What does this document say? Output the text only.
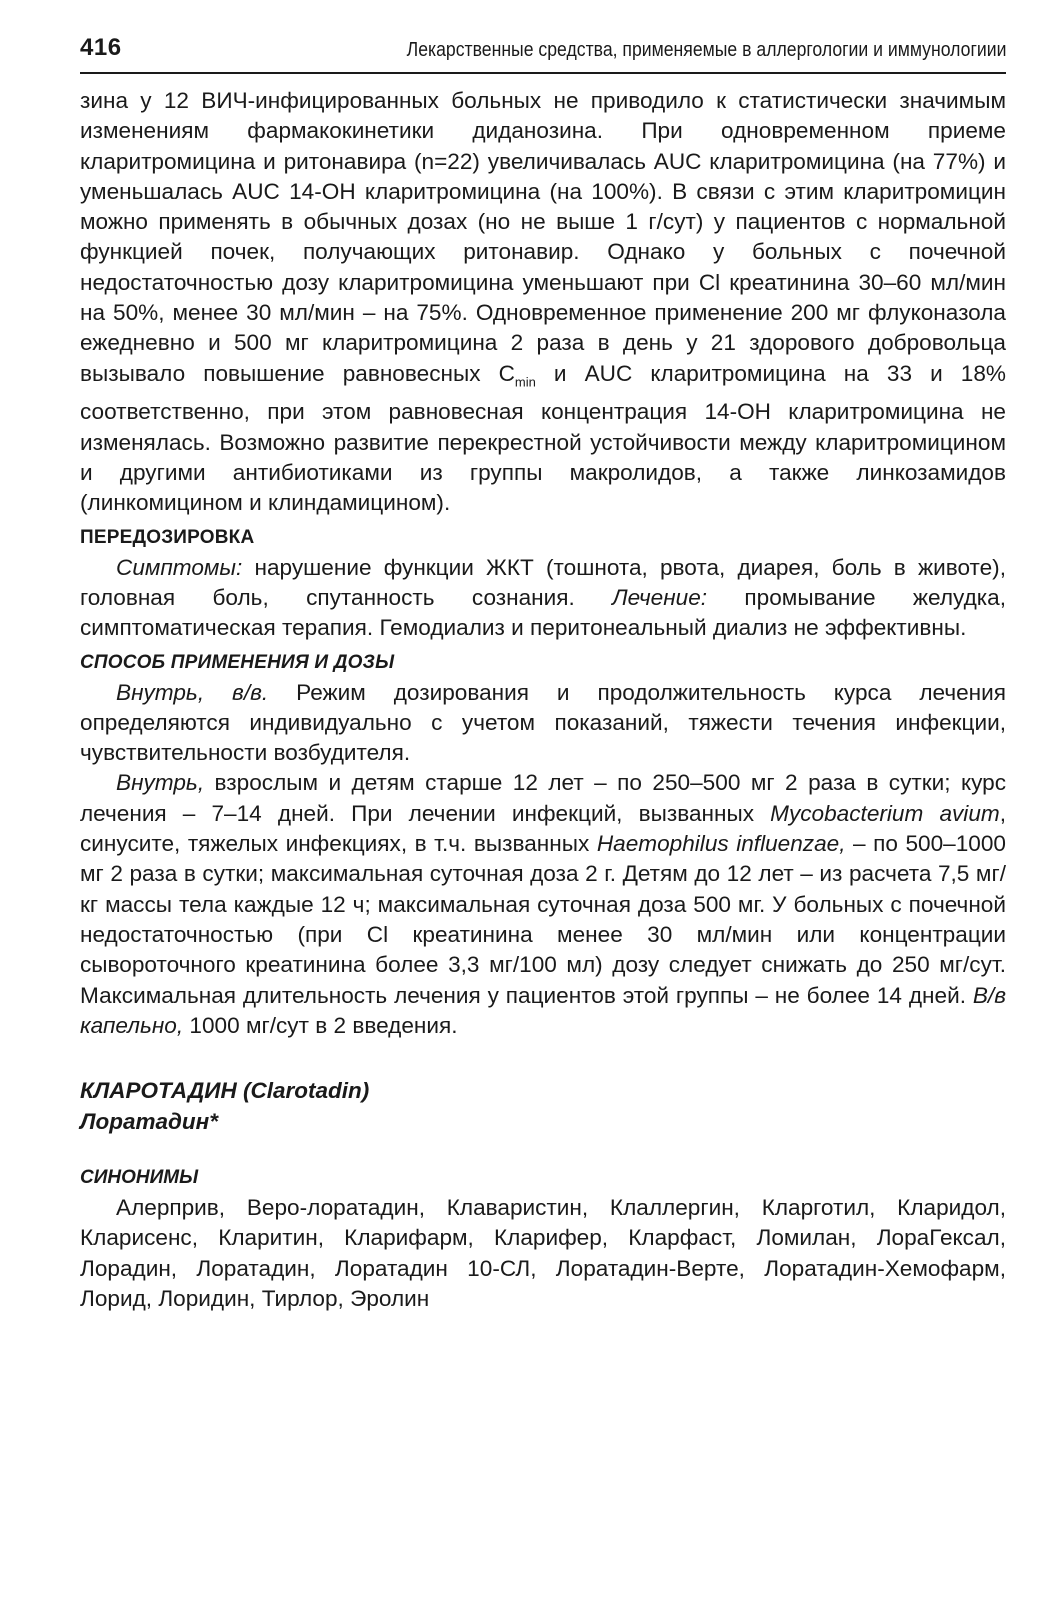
416	Лекарственные средства, применяемые в аллергологии и иммунологиии

зина у 12 ВИЧ-инфицированных больных не приводило к статистически значимым изменениям фармакокинетики диданозина. При одновременном приеме кларитромицина и ритонавира (n=22) увеличивалась AUC кларитромицина (на 77%) и уменьшалась AUC 14-OH кларитромицина (на 100%). В связи с этим кларитромицин можно применять в обычных дозах (но не выше 1 г/сут) у пациентов с нормальной функцией почек, получающих ритонавир. Однако у больных с почечной недостаточностью дозу кларитромицина уменьшают при Cl креатинина 30–60 мл/мин на 50%, менее 30 мл/мин – на 75%. Одновременное применение 200 мг флуконазола ежедневно и 500 мг кларитромицина 2 раза в день у 21 здорового добровольца вызывало повышение равновесных $C_{min}$ и AUC кларитромицина на 33 и 18% соответственно, при этом равновесная концентрация 14-OH кларитромицина не изменялась. Возможно развитие перекрестной устойчивости между кларитромицином и другими антибиотиками из группы макролидов, а также линкозамидов (линкомицином и клиндамицином).

ПЕРЕДОЗИРОВКА

Симптомы: нарушение функции ЖКТ (тошнота, рвота, диарея, боль в животе), головная боль, спутанность сознания. Лечение: промывание желудка, симптоматическая терапия. Гемодиализ и перитонеальный диализ не эффективны.

СПОСОБ ПРИМЕНЕНИЯ И ДОЗЫ

Внутрь, в/в. Режим дозирования и продолжительность курса лечения определяются индивидуально с учетом показаний, тяжести течения инфекции, чувствительности возбудителя.

Внутрь, взрослым и детям старше 12 лет – по 250–500 мг 2 раза в сутки; курс лечения – 7–14 дней. При лечении инфекций, вызванных Mycobacterium avium, синусите, тяжелых инфекциях, в т.ч. вызванных Haemophilus influenzae, – по 500–1000 мг 2 раза в сутки; максимальная суточная доза 2 г. Детям до 12 лет – из расчета 7,5 мг/кг массы тела каждые 12 ч; максимальная суточная доза 500 мг. У больных с почечной недостаточностью (при Cl креатинина менее 30 мл/мин или концентрации сывороточного креатинина более 3,3 мг/100 мл) дозу следует снижать до 250 мг/сут. Максимальная длительность лечения у пациентов этой группы – не более 14 дней. В/в капельно, 1000 мг/сут в 2 введения.

КЛАРОТАДИН (Clarotadin)
Лоратадин*
СИНОНИМЫ

Алерприв, Веро-лоратадин, Клаваристин, Клаллергин, Кларготил, Кларидол, Кларисенс, Кларитин, Кларифарм, Кларифер, Кларфаст, Ломилан, ЛораГексал, Лорадин, Лоратадин, Лоратадин 10-СЛ, Лоратадин-Верте, Лоратадин-Хемофарм, Лорид, Лоридин, Тирлор, Эролин
